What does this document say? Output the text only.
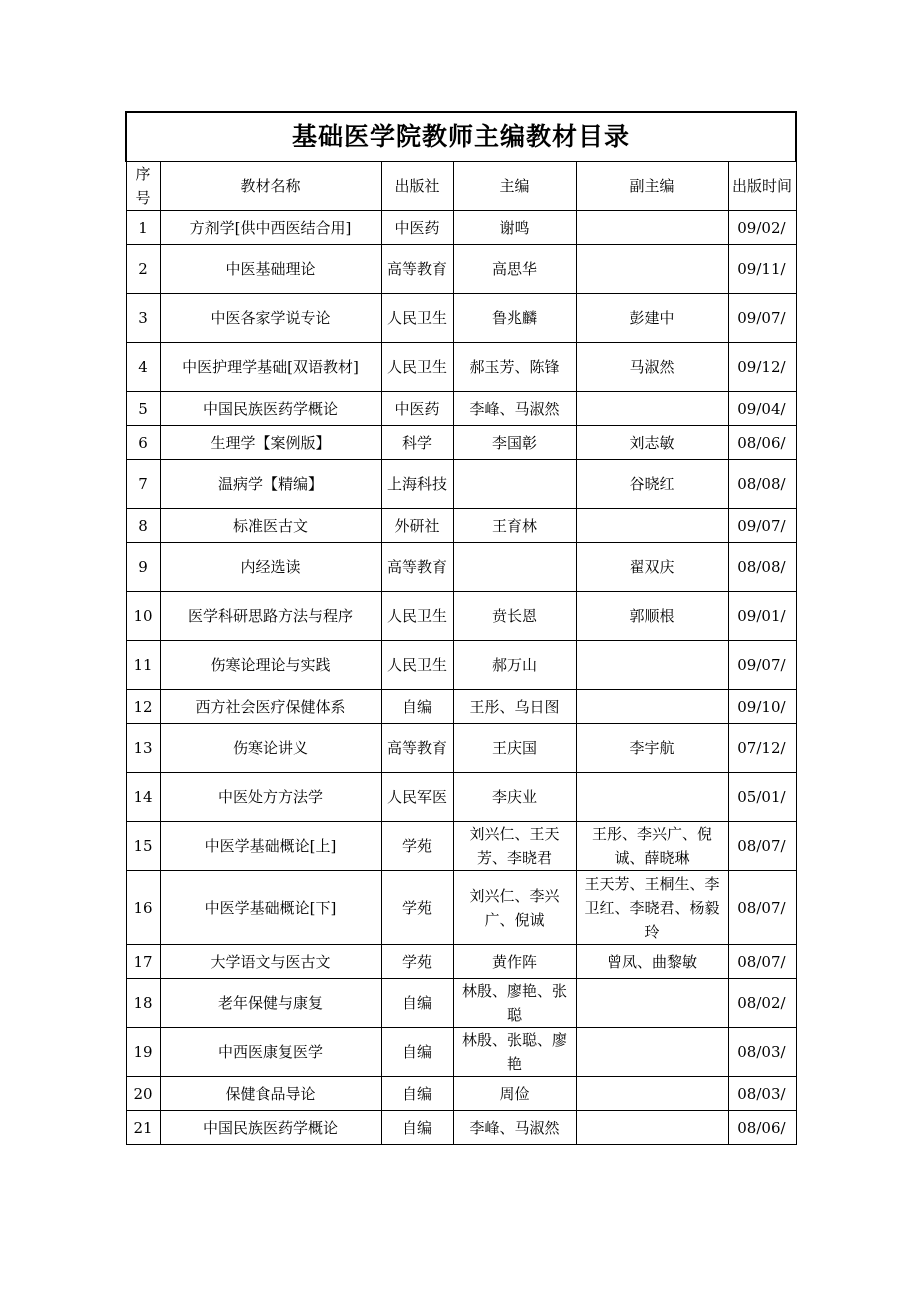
基础医学院教师主编教材目录					
序号	教材名称	出版社	主编	副主编	出版时间
1	方剂学[供中西医结合用]	中医药	谢鸣		09/02/
2	中医基础理论	高等教育	高思华		09/11/
3	中医各家学说专论	人民卫生	鲁兆麟	彭建中	09/07/
4	中医护理学基础[双语教材]	人民卫生	郝玉芳、陈锋	马淑然	09/12/
5	中国民族医药学概论	中医药	李峰、马淑然		09/04/
6	生理学【案例版】	科学	李国彰	刘志敏	08/06/
7	温病学【精编】	上海科技		谷晓红	08/08/
8	标准医古文	外研社	王育林		09/07/
9	内经选读	高等教育		翟双庆	08/08/
10	医学科研思路方法与程序	人民卫生	贲长恩	郭顺根	09/01/
11	伤寒论理论与实践	人民卫生	郝万山		09/07/
12	西方社会医疗保健体系	自编	王彤、乌日图		09/10/
13	伤寒论讲义	高等教育	王庆国	李宇航	07/12/
14	中医处方方法学	人民军医	李庆业		05/01/
15	中医学基础概论[上]	学苑	刘兴仁、王天芳、李晓君	王彤、李兴广、倪诚、薛晓琳	08/07/
16	中医学基础概论[下]	学苑	刘兴仁、李兴广、倪诚	王天芳、王桐生、李卫红、李晓君、杨毅玲	08/07/
17	大学语文与医古文	学苑	黄作阵	曾凤、曲黎敏	08/07/
18	老年保健与康复	自编	林殷、廖艳、张聪		08/02/
19	中西医康复医学	自编	林殷、张聪、廖艳		08/03/
20	保健食品导论	自编	周俭		08/03/
21	中国民族医药学概论	自编	李峰、马淑然		08/06/
